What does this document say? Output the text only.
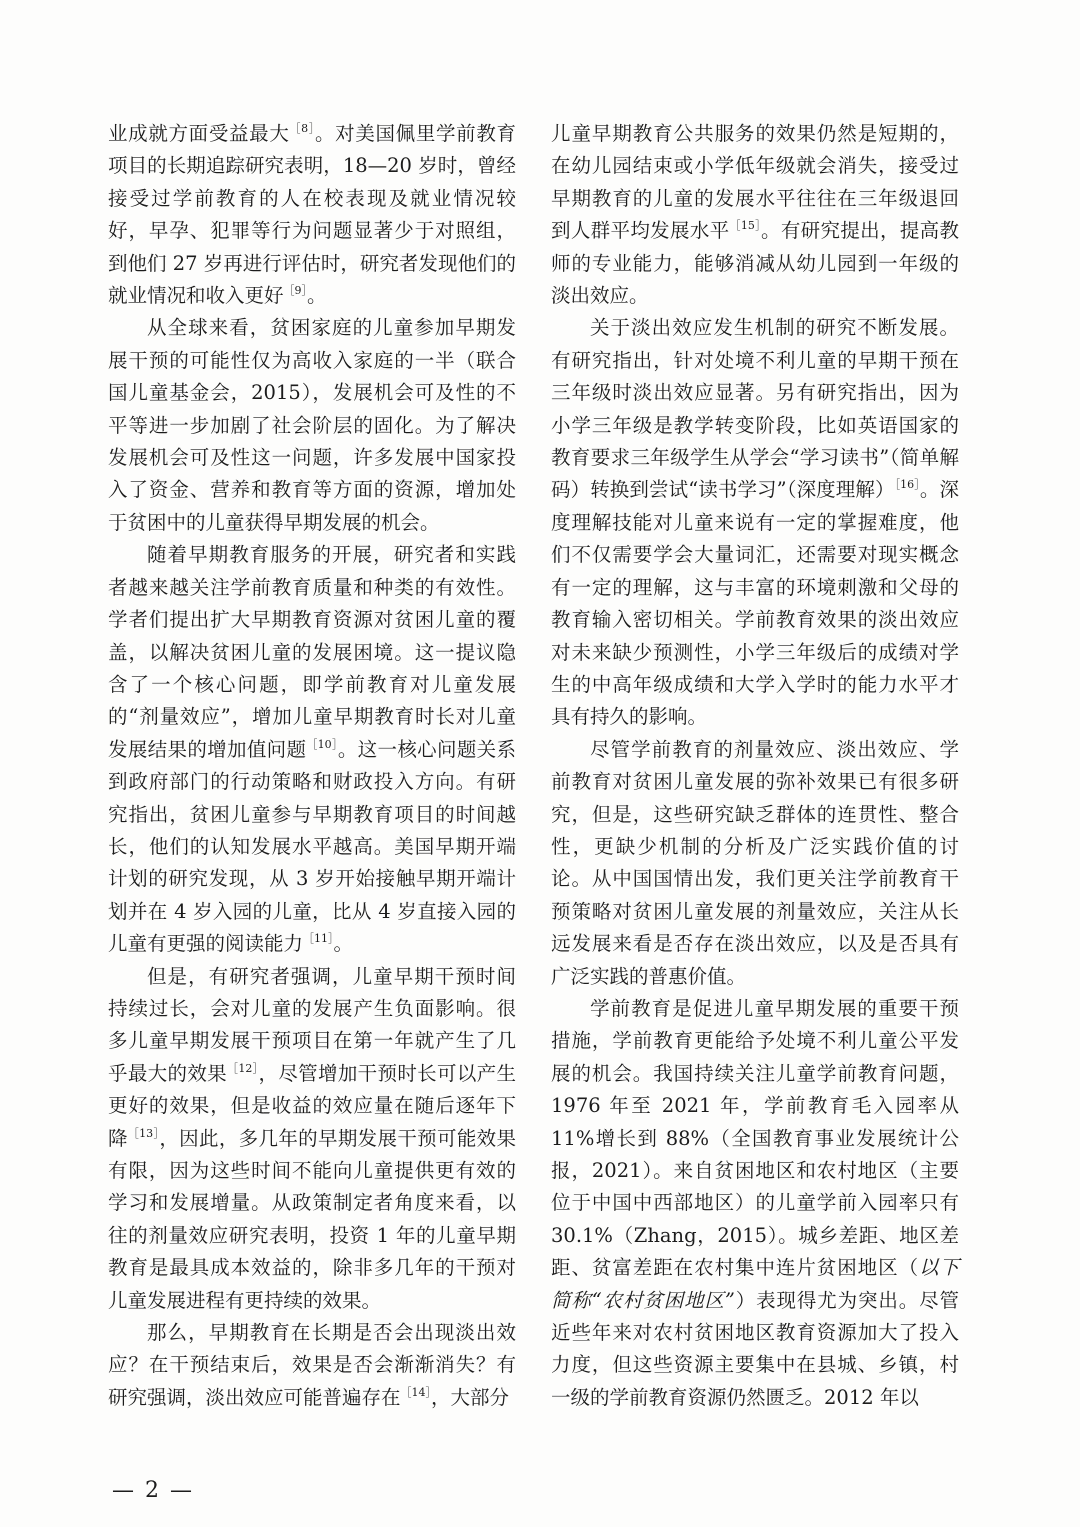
业成就方面受益最大$^{[8]}$。对美国佩里学前教育项目的长期追踪研究表明，18—20 岁时，曾经接受过学前教育的人在校表现及就业情况较好，早孕、犯罪等行为问题显著少于对照组，到他们 27 岁再进行评估时，研究者发现他们的就业情况和收入更好$^{[9]}$。

从全球来看，贫困家庭的儿童参加早期发展干预的可能性仅为高收入家庭的一半（联合国儿童基金会，2015），发展机会可及性的不平等进一步加剧了社会阶层的固化。为了解决发展机会可及性这一问题，许多发展中国家投入了资金、营养和教育等方面的资源，增加处于贫困中的儿童获得早期发展的机会。

随着早期教育服务的开展，研究者和实践者越来越关注学前教育质量和种类的有效性。学者们提出扩大早期教育资源对贫困儿童的覆盖，以解决贫困儿童的发展困境。这一提议隐含了一个核心问题，即学前教育对儿童发展的“剂量效应”，增加儿童早期教育时长对儿童发展结果的增加值问题$^{[10]}$。这一核心问题关系到政府部门的行动策略和财政投入方向。有研究指出，贫困儿童参与早期教育项目的时间越长，他们的认知发展水平越高。美国早期开端计划的研究发现，从 3 岁开始接触早期开端计划并在 4 岁入园的儿童，比从 4 岁直接入园的儿童有更强的阅读能力$^{[11]}$。

但是，有研究者强调，儿童早期干预时间持续过长，会对儿童的发展产生负面影响。很多儿童早期发展干预项目在第一年就产生了几乎最大的效果$^{[12]}$，尽管增加干预时长可以产生更好的效果，但是收益的效应量在随后逐年下降$^{[13]}$，因此，多几年的早期发展干预可能效果有限，因为这些时间不能向儿童提供更有效的学习和发展增量。从政策制定者角度来看，以往的剂量效应研究表明，投资 1 年的儿童早期教育是最具成本效益的，除非多几年的干预对儿童发展进程有更持续的效果。

那么，早期教育在长期是否会出现淡出效应？在干预结束后，效果是否会渐渐消失？有研究强调，淡出效应可能普遍存在$^{[14]}$，大部分

儿童早期教育公共服务的效果仍然是短期的，在幼儿园结束或小学低年级就会消失，接受过早期教育的儿童的发展水平往往在三年级退回到人群平均发展水平$^{[15]}$。有研究提出，提高教师的专业能力，能够消减从幼儿园到一年级的淡出效应。

关于淡出效应发生机制的研究不断发展。有研究指出，针对处境不利儿童的早期干预在三年级时淡出效应显著。另有研究指出，因为小学三年级是教学转变阶段，比如英语国家的教育要求三年级学生从学会“学习读书”（简单解码）转换到尝试“读书学习”（深度理解）$^{[16]}$。深度理解技能对儿童来说有一定的掌握难度，他们不仅需要学会大量词汇，还需要对现实概念有一定的理解，这与丰富的环境刺激和父母的教育输入密切相关。学前教育效果的淡出效应对未来缺少预测性，小学三年级后的成绩对学生的中高年级成绩和大学入学时的能力水平才具有持久的影响。

尽管学前教育的剂量效应、淡出效应、学前教育对贫困儿童发展的弥补效果已有很多研究，但是，这些研究缺乏群体的连贯性、整合性，更缺少机制的分析及广泛实践价值的讨论。从中国国情出发，我们更关注学前教育干预策略对贫困儿童发展的剂量效应，关注从长远发展来看是否存在淡出效应，以及是否具有广泛实践的普惠价值。

学前教育是促进儿童早期发展的重要干预措施，学前教育更能给予处境不利儿童公平发展的机会。我国持续关注儿童学前教育问题，1976 年至 2021 年，学前教育毛入园率从 11%增长到 88%（全国教育事业发展统计公报，2021）。来自贫困地区和农村地区（主要位于中国中西部地区）的儿童学前入园率只有 30.1%（Zhang，2015）。城乡差距、地区差距、贫富差距在农村集中连片贫困地区（以下简称“农村贫困地区”）表现得尤为突出。尽管近些年来对农村贫困地区教育资源加大了投入力度，但这些资源主要集中在县城、乡镇，村一级的学前教育资源仍然匮乏。2012 年以

— 2 —
